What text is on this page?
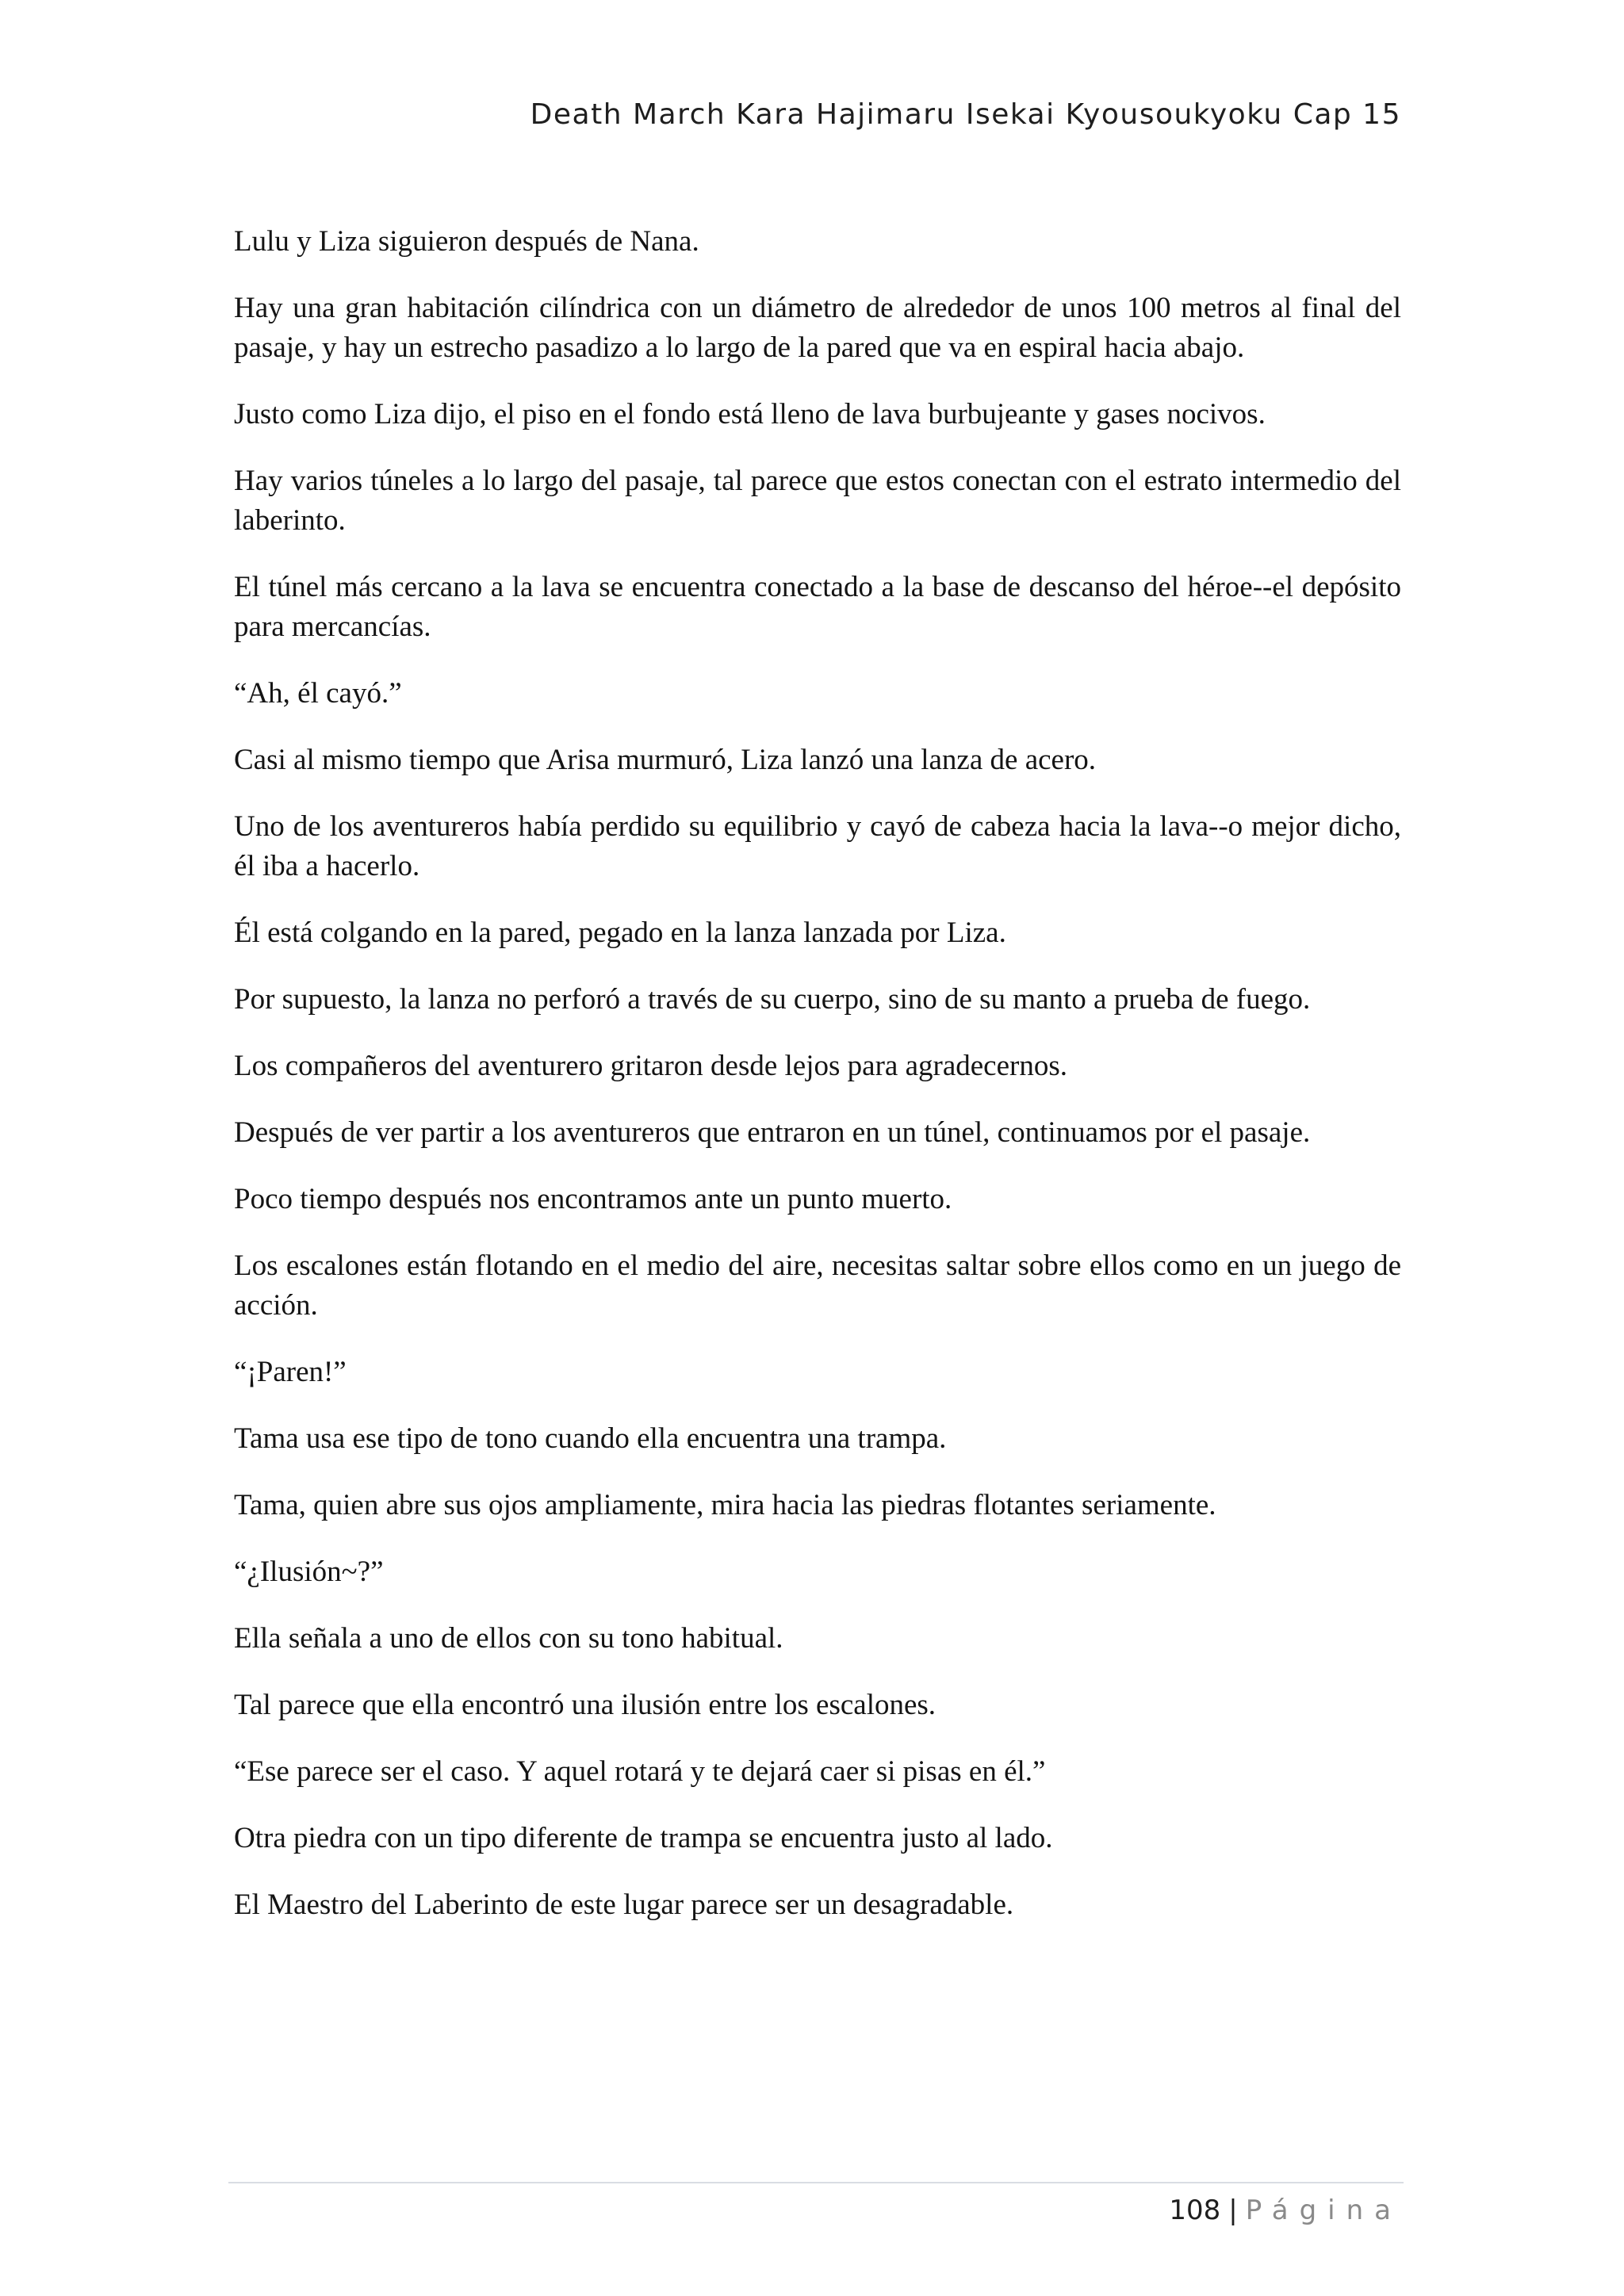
Death March Kara Hajimaru Isekai Kyousoukyoku Cap 15

Lulu y Liza siguieron después de Nana.

Hay una gran habitación cilíndrica con un diámetro de alrededor de unos 100 metros al final del pasaje, y hay un estrecho pasadizo a lo largo de la pared que va en espiral hacia abajo.

Justo como Liza dijo, el piso en el fondo está lleno de lava burbujeante y gases nocivos.

Hay varios túneles a lo largo del pasaje, tal parece que estos conectan con el estrato intermedio del laberinto.

El túnel más cercano a la lava se encuentra conectado a la base de descanso del héroe--el depósito para mercancías.

“Ah, él cayó.”

Casi al mismo tiempo que Arisa murmuró, Liza lanzó una lanza de acero.

Uno de los aventureros había perdido su equilibrio y cayó de cabeza hacia la lava--o mejor dicho, él iba a hacerlo.

Él está colgando en la pared, pegado en la lanza lanzada por Liza.

Por supuesto, la lanza no perforó a través de su cuerpo, sino de su manto a prueba de fuego.

Los compañeros del aventurero gritaron desde lejos para agradecernos.

Después de ver partir a los aventureros que entraron en un túnel, continuamos por el pasaje.

Poco tiempo después nos encontramos ante un punto muerto.

Los escalones están flotando en el medio del aire, necesitas saltar sobre ellos como en un juego de acción.

“¡Paren!”

Tama usa ese tipo de tono cuando ella encuentra una trampa.

Tama, quien abre sus ojos ampliamente, mira hacia las piedras flotantes seriamente.

“¿Ilusión~?”

Ella señala a uno de ellos con su tono habitual.

Tal parece que ella encontró una ilusión entre los escalones.

“Ese parece ser el caso. Y aquel rotará y te dejará caer si pisas en él.”

Otra piedra con un tipo diferente de trampa se encuentra justo al lado.

El Maestro del Laberinto de este lugar parece ser un desagradable.

108 | Página
